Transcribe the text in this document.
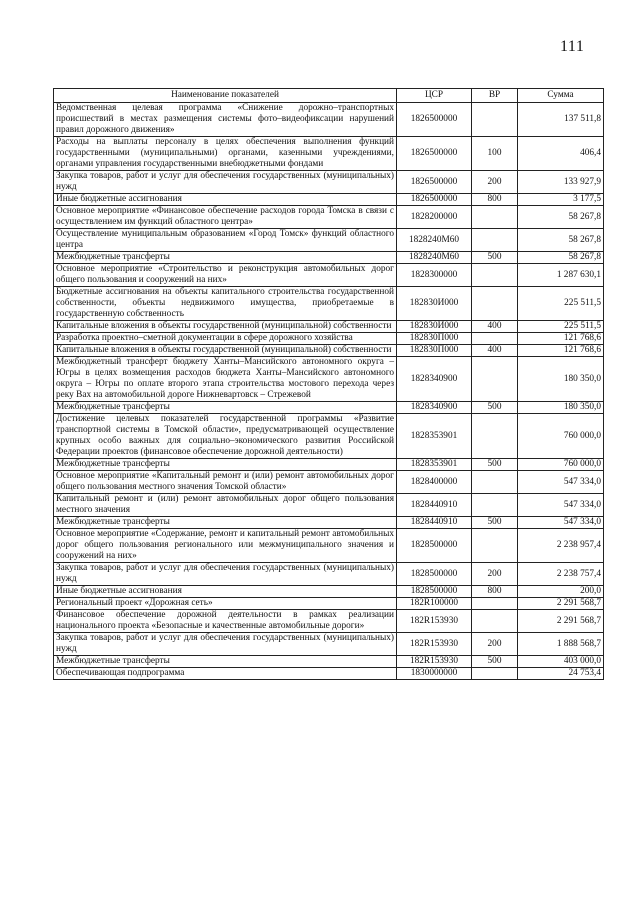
111
Наименование показателей	ЦСР	ВР	Сумма
Ведомственная целевая программа «Снижение дорожно–транспортных происшествий в местах размещения системы фото–видеофиксации нарушений правил дорожного движения»	1826500000		137 511,8
Расходы на выплаты персоналу в целях обеспечения выполнения функций государственными (муниципальными) органами, казенными учреждениями, органами управления государственными внебюджетными фондами	1826500000	100	406,4
Закупка товаров, работ и услуг для обеспечения государственных (муниципальных) нужд	1826500000	200	133 927,9
Иные бюджетные ассигнования	1826500000	800	3 177,5
Основное мероприятие «Финансовое обеспечение расходов города Томска в связи с осуществлением им функций областного центра»	1828200000		58 267,8
Осуществление муниципальным образованием «Город Томск» функций областного центра	1828240М60		58 267,8
Межбюджетные трансферты	1828240М60	500	58 267,8
Основное мероприятие «Строительство и реконструкция автомобильных дорог общего пользования и сооружений на них»	1828300000		1 287 630,1
Бюджетные ассигнования на объекты капитального строительства государственной собственности, объекты недвижимого имущества, приобретаемые в государственную собственность	182830И000		225 511,5
Капитальные вложения в объекты государственной (муниципальной) собственности	182830И000	400	225 511,5
Разработка проектно–сметной документации в сфере дорожного хозяйства	182830П000		121 768,6
Капитальные вложения в объекты государственной (муниципальной) собственности	182830П000	400	121 768,6
Межбюджетный трансферт бюджету Ханты–Мансийского автономного округа – Югры в целях возмещения расходов бюджета Ханты–Мансийского автономного округа – Югры по оплате второго этапа строительства мостового перехода через реку Вах на автомобильной дороге Нижневартовск – Стрежевой	1828340900		180 350,0
Межбюджетные трансферты	1828340900	500	180 350,0
Достижение целевых показателей государственной программы «Развитие транспортной системы в Томской области», предусматривающей осуществление крупных особо важных для социально–экономического развития Российской Федерации проектов (финансовое обеспечение дорожной деятельности)	1828353901		760 000,0
Межбюджетные трансферты	1828353901	500	760 000,0
Основное мероприятие «Капитальный ремонт и (или) ремонт автомобильных дорог общего пользования местного значения Томской области»	1828400000		547 334,0
Капитальный ремонт и (или) ремонт автомобильных дорог общего пользования местного значения	1828440910		547 334,0
Межбюджетные трансферты	1828440910	500	547 334,0
Основное мероприятие «Содержание, ремонт и капитальный ремонт автомобильных дорог общего пользования регионального или межмуниципального значения и сооружений на них»	1828500000		2 238 957,4
Закупка товаров, работ и услуг для обеспечения государственных (муниципальных) нужд	1828500000	200	2 238 757,4
Иные бюджетные ассигнования	1828500000	800	200,0
Региональный проект «Дорожная сеть»	182R100000		2 291 568,7
Финансовое обеспечение дорожной деятельности в рамках реализации национального проекта «Безопасные и качественные автомобильные дороги»	182R153930		2 291 568,7
Закупка товаров, работ и услуг для обеспечения государственных (муниципальных) нужд	182R153930	200	1 888 568,7
Межбюджетные трансферты	182R153930	500	403 000,0
Обеспечивающая подпрограмма	1830000000		24 753,4
